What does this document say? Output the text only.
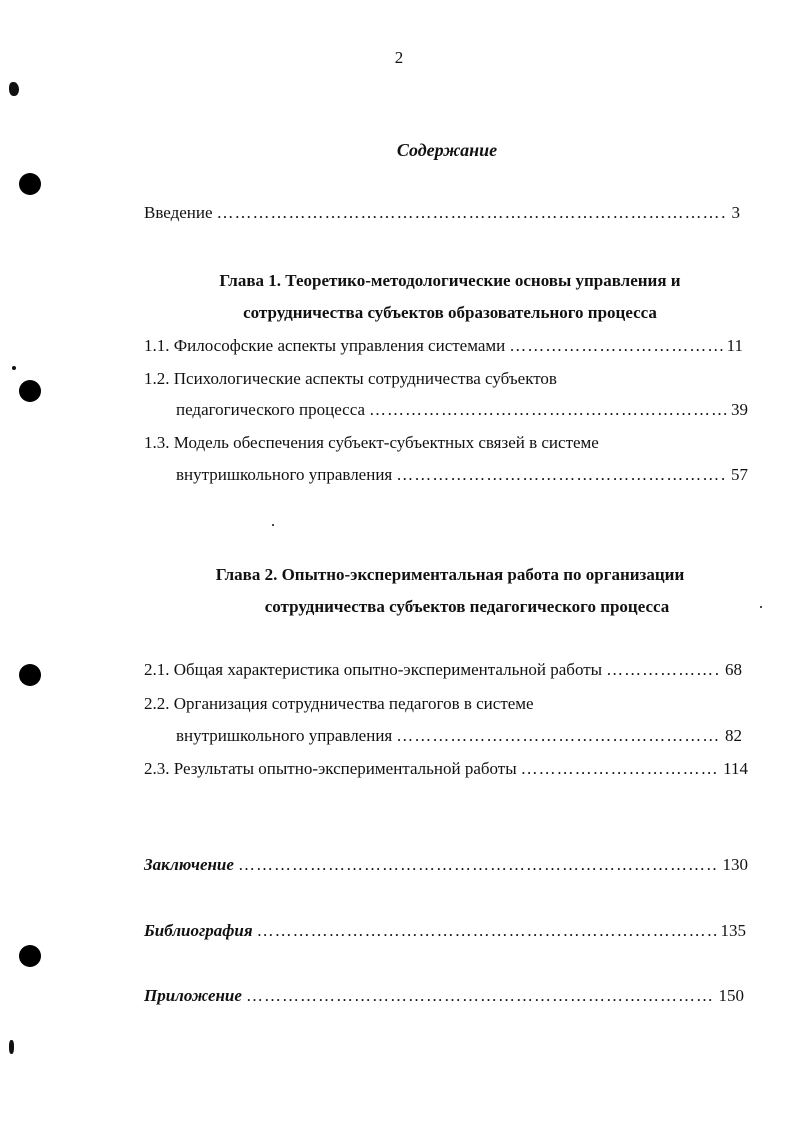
2
Содержание
Введение …………………………………………………………………………………………………………………………………………	3
Глава 1. Теоретико-методологические основы управления и
сотрудничества субъектов образовательного процесса
1.1. Философские аспекты управления системами …………………………………………………………………………………………………………………………………………	11
1.2. Психологические аспекты сотрудничества субъектов
педагогического процесса …………………………………………………………………………………………………………………………………………	39
1.3. Модель обеспечения субъект-субъектных связей в системе
внутришкольного управления …………………………………………………………………………………………………………………………………………	57
Глава 2. Опытно-экспериментальная работа по организации
сотрудничества субъектов педагогического процесса
2.1. Общая характеристика опытно-экспериментальной работы …………………………………………………………………………………………………………………………………………	68
2.2. Организация сотрудничества педагогов в системе
внутришкольного управления …………………………………………………………………………………………………………………………………………	82
2.3. Результаты опытно-экспериментальной работы …………………………………………………………………………………………………………………………………………	114
Заключение …………………………………………………………………………………………………………………………………………	130
Библиография …………………………………………………………………………………………………………………………………………	135
Приложение …………………………………………………………………………………………………………………………………………	150
